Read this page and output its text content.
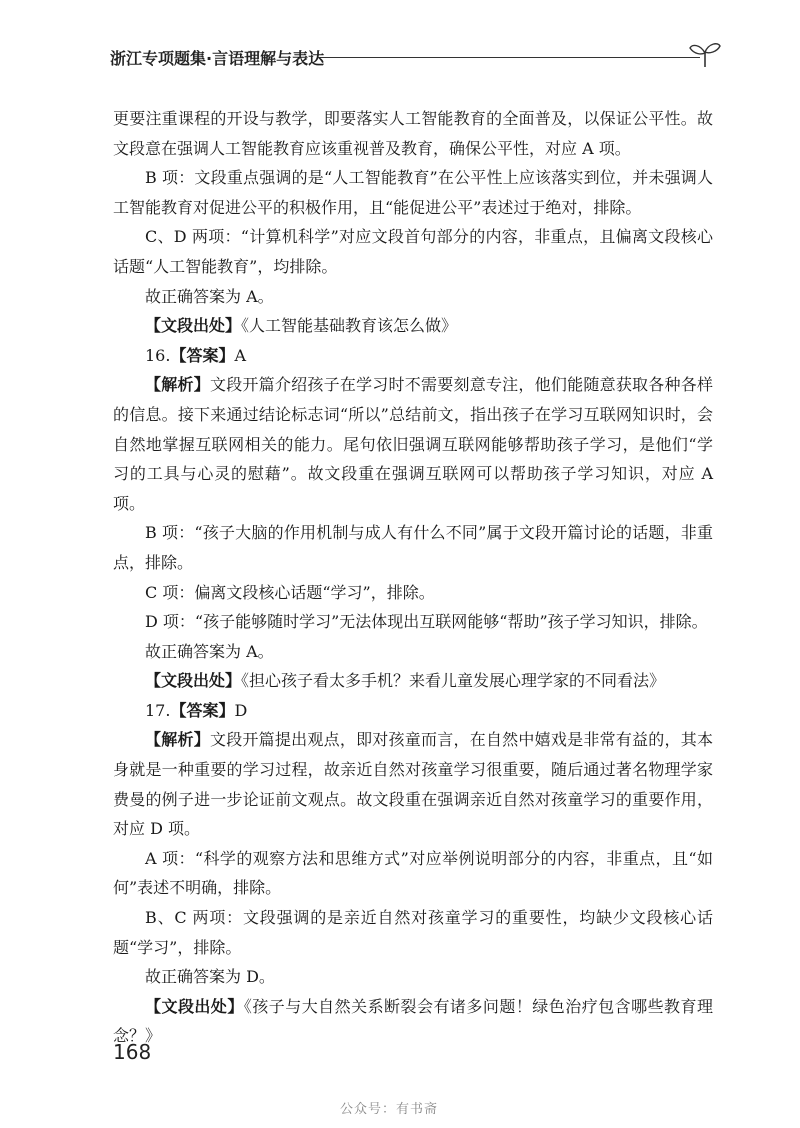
浙江专项题集·言语理解与表达

更要注重课程的开设与教学，即要落实人工智能教育的全面普及，以保证公平性。故文段意在强调人工智能教育应该重视普及教育，确保公平性，对应 A 项。

B 项：文段重点强调的是“人工智能教育”在公平性上应该落实到位，并未强调人工智能教育对促进公平的积极作用，且“能促进公平”表述过于绝对，排除。

C、D 两项：“计算机科学”对应文段首句部分的内容，非重点，且偏离文段核心话题“人工智能教育”，均排除。

故正确答案为 A。

【文段出处】《人工智能基础教育该怎么做》

16.【答案】A

【解析】文段开篇介绍孩子在学习时不需要刻意专注，他们能随意获取各种各样的信息。接下来通过结论标志词“所以”总结前文，指出孩子在学习互联网知识时，会自然地掌握互联网相关的能力。尾句依旧强调互联网能够帮助孩子学习，是他们“学习的工具与心灵的慰藉”。故文段重在强调互联网可以帮助孩子学习知识，对应 A 项。

B 项：“孩子大脑的作用机制与成人有什么不同”属于文段开篇讨论的话题，非重点，排除。

C 项：偏离文段核心话题“学习”，排除。

D 项：“孩子能够随时学习”无法体现出互联网能够“帮助”孩子学习知识，排除。

故正确答案为 A。

【文段出处】《担心孩子看太多手机？来看儿童发展心理学家的不同看法》

17.【答案】D

【解析】文段开篇提出观点，即对孩童而言，在自然中嬉戏是非常有益的，其本身就是一种重要的学习过程，故亲近自然对孩童学习很重要，随后通过著名物理学家费曼的例子进一步论证前文观点。故文段重在强调亲近自然对孩童学习的重要作用，对应 D 项。

A 项：“科学的观察方法和思维方式”对应举例说明部分的内容，非重点，且“如何”表述不明确，排除。

B、C 两项：文段强调的是亲近自然对孩童学习的重要性，均缺少文段核心话题“学习”，排除。

故正确答案为 D。

【文段出处】《孩子与大自然关系断裂会有诸多问题！绿色治疗包含哪些教育理念？》

168
公众号：有书斋
